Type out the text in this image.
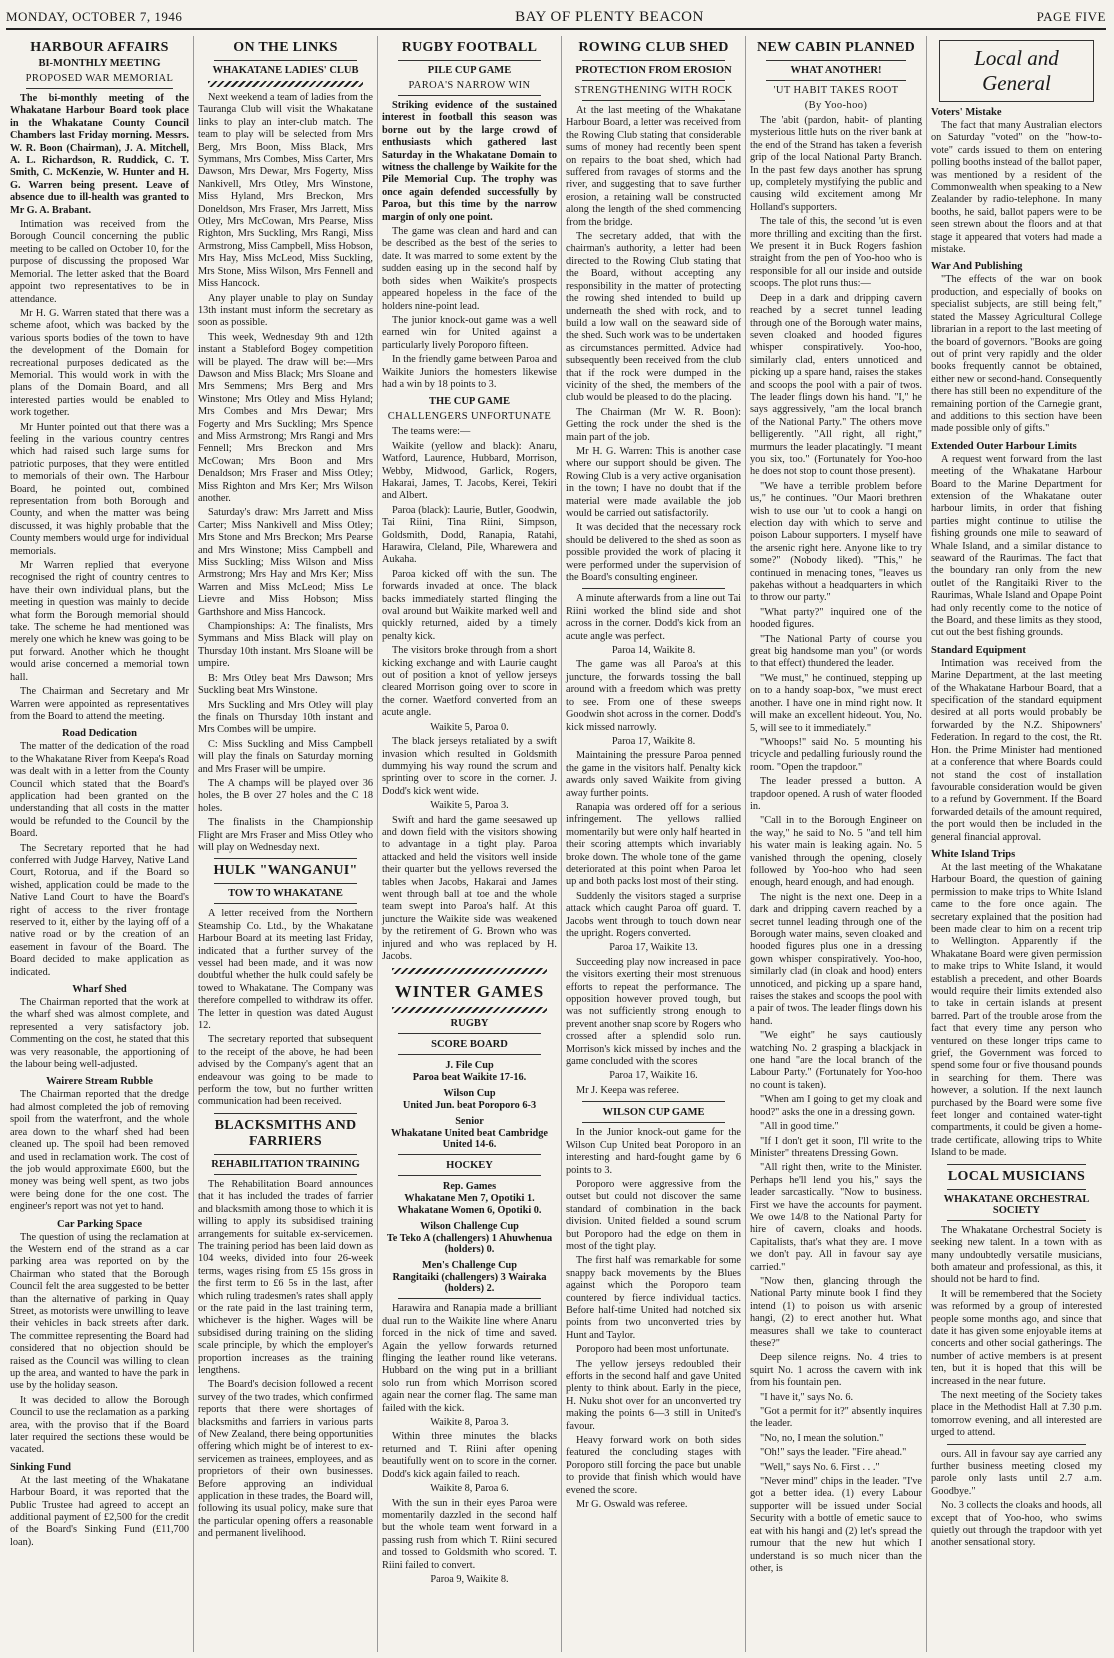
MONDAY, OCTOBER 7, 1946	BAY OF PLENTY BEACON	PAGE FIVE
HARBOUR AFFAIRS
BI-MONTHLY MEETING
PROPOSED WAR MEMORIAL

The bi-monthly meeting of the Whakatane Harbour Board took place in the Whakatane County Council Chambers last Friday morning. Messrs. W. R. Boon (Chairman), J. A. Mitchell, A. L. Richardson, R. Ruddick, C. T. Smith, C. McKenzie, W. Hunter and H. G. Warren being present. Leave of absence due to ill-health was granted to Mr G. A. Brabant.

Intimation was received from the Borough Council concerning the public meeting to be called on October 10, for the purpose of discussing the proposed War Memorial. The letter asked that the Board appoint two representatives to be in attendance.

Mr H. G. Warren stated that there was a scheme afoot, which was backed by the various sports bodies of the town to have the development of the Domain for recreational purposes dedicated as the Memorial. This would work in with the plans of the Domain Board, and all interested parties would be enabled to work together.

Mr Hunter pointed out that there was a feeling in the various country centres which had raised such large sums for patriotic purposes, that they were entitled to memorials of their own. The Harbour Board, he pointed out, combined representation from both Borough and County, and when the matter was being discussed, it was highly probable that the County members would urge for individual memorials.

Mr Warren replied that everyone recognised the right of country centres to have their own individual plans, but the meeting in question was mainly to decide what form the Borough memorial should take. The scheme he had mentioned was merely one which he knew was going to be put forward. Another which he thought would arise concerned a memorial town hall.

The Chairman and Secretary and Mr Warren were appointed as representatives from the Board to attend the meeting.

Road Dedication

The matter of the dedication of the road to the Whakatane River from Keepa's Road was dealt with in a letter from the County Council which stated that the Board's application had been granted on the understanding that all costs in the matter would be refunded to the Council by the Board.

The Secretary reported that he had conferred with Judge Harvey, Native Land Court, Rotorua, and if the Board so wished, application could be made to the Native Land Court to have the Board's right of access to the river frontage reserved to it, either by the laying off of a native road or by the creation of an easement in favour of the Board. The Board decided to make application as indicated.

Wharf Shed

The Chairman reported that the work at the wharf shed was almost complete, and represented a very satisfactory job. Commenting on the cost, he stated that this was very reasonable, the apportioning of the labour being well-adjusted.

Wairere Stream Rubble

The Chairman reported that the dredge had almost completed the job of removing spoil from the waterfront, and the whole area down to the wharf shed had been cleaned up. The spoil had been removed and used in reclamation work. The cost of the job would approximate £600, but the money was being well spent, as two jobs were being done for the one cost. The engineer's report was not yet to hand.

Car Parking Space

The question of using the reclamation at the Western end of the strand as a car parking area was reported on by the Chairman who stated that the Borough Council felt the area suggested to be better than the alternative of parking in Quay Street, as motorists were unwilling to leave their vehicles in back streets after dark. The committee representing the Board had considered that no objection should be raised as the Council was willing to clean up the area, and wanted to have the park in use by the holiday season.

It was decided to allow the Borough Council to use the reclamation as a parking area, with the proviso that if the Board later required the sections these would be vacated.

Sinking Fund

At the last meeting of the Whakatane Harbour Board, it was reported that the Public Trustee had agreed to accept an additional payment of £2,500 for the credit of the Board's Sinking Fund (£11,700 loan).

ON THE LINKS
WHAKATANE LADIES' CLUB

Next weekend a team of ladies from the Tauranga Club will visit the Whakatane links to play an inter-club match. The team to play will be selected from Mrs Berg, Mrs Boon, Miss Black, Mrs Symmans, Mrs Combes, Miss Carter, Mrs Dawson, Mrs Dewar, Mrs Fogerty, Miss Nankivell, Mrs Otley, Mrs Winstone, Miss Hyland, Mrs Breckon, Mrs Doneldson, Mrs Fraser, Mrs Jarrett, Miss Otley, Mrs McCowan, Mrs Pearse, Miss Righton, Mrs Suckling, Mrs Rangi, Miss Armstrong, Miss Campbell, Miss Hobson, Mrs Hay, Miss McLeod, Miss Suckling, Mrs Stone, Miss Wilson, Mrs Fennell and Miss Hancock.

Any player unable to play on Sunday 13th instant must inform the secretary as soon as possible.

This week, Wednesday 9th and 12th instant a Stableford Bogey competition will be played. The draw will be:—Mrs Dawson and Miss Black; Mrs Sloane and Mrs Semmens; Mrs Berg and Mrs Winstone; Mrs Otley and Miss Hyland; Mrs Combes and Mrs Dewar; Mrs Fogerty and Mrs Suckling; Mrs Spence and Miss Armstrong; Mrs Rangi and Mrs Fennell; Mrs Breckon and Mrs McCowan; Mrs Boon and Mrs Denaldson; Mrs Fraser and Miss Otley; Miss Righton and Mrs Ker; Mrs Wilson another.

Saturday's draw: Mrs Jarrett and Miss Carter; Miss Nankivell and Miss Otley; Mrs Stone and Mrs Breckon; Mrs Pearse and Mrs Winstone; Miss Campbell and Miss Suckling; Miss Wilson and Miss Armstrong; Mrs Hay and Mrs Ker; Miss Warren and Miss McLeod; Miss Le Lievre and Miss Hobson; Miss Garthshore and Miss Hancock.

Championships: A: The finalists, Mrs Symmans and Miss Black will play on Thursday 10th instant. Mrs Sloane will be umpire.

B: Mrs Otley beat Mrs Dawson; Mrs Suckling beat Mrs Winstone.

Mrs Suckling and Mrs Otley will play the finals on Thursday 10th instant and Mrs Combes will be umpire.

C: Miss Suckling and Miss Campbell will play the finals on Saturday morning and Mrs Fraser will be umpire.

The A champs will be played over 36 holes, the B over 27 holes and the C 18 holes.

The finalists in the Championship Flight are Mrs Fraser and Miss Otley who will play on Wednesday next.

HULK "WANGANUI"
TOW TO WHAKATANE

A letter received from the Northern Steamship Co. Ltd., by the Whakatane Harbour Board at its meeting last Friday, indicated that a further survey of the vessel had been made, and it was now doubtful whether the hulk could safely be towed to Whakatane. The Company was therefore compelled to withdraw its offer. The letter in question was dated August 12.

The secretary reported that subsequent to the receipt of the above, he had been advised by the Company's agent that an endeavour was going to be made to perform the tow, but no further written communication had been received.

BLACKSMITHS AND FARRIERS
REHABILITATION TRAINING

The Rehabilitation Board announces that it has included the trades of farrier and blacksmith among those to which it is willing to apply its subsidised training arrangements for suitable ex-servicemen. The training period has been laid down as 104 weeks, divided into four 26-week terms, wages rising from £5 15s gross in the first term to £6 5s in the last, after which ruling tradesmen's rates shall apply or the rate paid in the last training term, whichever is the higher. Wages will be subsidised during training on the sliding scale principle, by which the employer's proportion increases as the training lengthens.

The Board's decision followed a recent survey of the two trades, which confirmed reports that there were shortages of blacksmiths and farriers in various parts of New Zealand, there being opportunities offering which might be of interest to ex-servicemen as trainees, employees, and as proprietors of their own businesses. Before approving an individual application in these trades, the Board will, following its usual policy, make sure that the particular opening offers a reasonable and permanent livelihood.

RUGBY FOOTBALL
PILE CUP GAME
PAROA'S NARROW WIN

Striking evidence of the sustained interest in football this season was borne out by the large crowd of enthusiasts which gathered last Saturday in the Whakatane Domain to witness the challenge by Waikite for the Pile Memorial Cup. The trophy was once again defended successfully by Paroa, but this time by the narrow margin of only one point.

The game was clean and hard and can be described as the best of the series to date. It was marred to some extent by the sudden easing up in the second half by both sides when Waikite's prospects appeared hopeless in the face of the holders nine-point lead.

The junior knock-out game was a well earned win for United against a particularly lively Poroporo fifteen.

In the friendly game between Paroa and Waikite Juniors the homesters likewise had a win by 18 points to 3.

THE CUP GAME
CHALLENGERS UNFORTUNATE

The teams were:—

Waikite (yellow and black): Anaru, Watford, Laurence, Hubbard, Morrison, Webby, Midwood, Garlick, Rogers, Hakarai, James, T. Jacobs, Kerei, Tekiri and Albert.

Paroa (black): Laurie, Butler, Goodwin, Tai Riini, Tina Riini, Simpson, Goldsmith, Dodd, Ranapia, Ratahi, Harawira, Cleland, Pile, Wharewera and Aukaha.

Paroa kicked off with the sun. The forwards invaded at once. The black backs immediately started flinging the oval around but Waikite marked well and quickly returned, aided by a timely penalty kick.

The visitors broke through from a short kicking exchange and with Laurie caught out of position a knot of yellow jerseys cleared Morrison going over to score in the corner. Waetford converted from an acute angle.

Waikite 5, Paroa 0.

The black jerseys retaliated by a swift invasion which resulted in Goldsmith dummying his way round the scrum and sprinting over to score in the corner. J. Dodd's kick went wide.

Waikite 5, Paroa 3.

Swift and hard the game seesawed up and down field with the visitors showing to advantage in a tight play. Paroa attacked and held the visitors well inside their quarter but the yellows reversed the tables when Jacobs, Hakarai and James went through ball at toe and the whole team swept into Paroa's half. At this juncture the Waikite side was weakened by the retirement of G. Brown who was injured and who was replaced by H. Jacobs.

WINTER GAMES
RUGBY
SCORE BOARD
J. File Cup
Paroa beat Waikite 17-16.
Wilson Cup
United Jun. beat Poroporo 6-3
Senior
Whakatane United beat Cambridge United 14-6.
HOCKEY
Rep. Games
Whakatane Men 7, Opotiki 1.
Whakatane Women 6, Opotiki 0.
Wilson Challenge Cup
Te Teko A (challengers) 1 Ahuwhenua (holders) 0.
Men's Challenge Cup
Rangitaiki (challengers) 3 Wairaka (holders) 2.

Harawira and Ranapia made a brilliant dual run to the Waikite line where Anaru forced in the nick of time and saved. Again the yellow forwards returned flinging the leather round like veterans. Hubbard on the wing put in a brilliant solo run from which Morrison scored again near the corner flag. The same man failed with the kick.

Waikite 8, Paroa 3.

Within three minutes the blacks returned and T. Riini after opening beautifully went on to score in the corner. Dodd's kick again failed to reach.

Waikite 8, Paroa 6.

With the sun in their eyes Paroa were momentarily dazzled in the second half but the whole team went forward in a passing rush from which T. Riini secured and tossed to Goldsmith who scored. T. Riini failed to convert.

Paroa 9, Waikite 8.

ROWING CLUB SHED
PROTECTION FROM EROSION
STRENGTHENING WITH ROCK

At the last meeting of the Whakatane Harbour Board, a letter was received from the Rowing Club stating that considerable sums of money had recently been spent on repairs to the boat shed, which had suffered from ravages of storms and the river, and suggesting that to save further erosion, a retaining wall be constructed along the length of the shed commencing from the bridge.

The secretary added, that with the chairman's authority, a letter had been directed to the Rowing Club stating that the Board, without accepting any responsibility in the matter of protecting the rowing shed intended to build up underneath the shed with rock, and to build a low wall on the seaward side of the shed. Such work was to be undertaken as circumstances permitted. Advice had subsequently been received from the club that if the rock were dumped in the vicinity of the shed, the members of the club would be pleased to do the placing.

The Chairman (Mr W. R. Boon): Getting the rock under the shed is the main part of the job.

Mr H. G. Warren: This is another case where our support should be given. The Rowing Club is a very active organisation in the town; I have no doubt that if the material were made available the job would be carried out satisfactorily.

It was decided that the necessary rock should be delivered to the shed as soon as possible provided the work of placing it were performed under the supervision of the Board's consulting engineer.

A minute afterwards from a line out Tai Riini worked the blind side and shot across in the corner. Dodd's kick from an acute angle was perfect.

Paroa 14, Waikite 8.

The game was all Paroa's at this juncture, the forwards tossing the ball around with a freedom which was pretty to see. From one of these sweeps Goodwin shot across in the corner. Dodd's kick missed narrowly.

Paroa 17, Waikite 8.

Maintaining the pressure Paroa penned the game in the visitors half. Penalty kick awards only saved Waikite from giving away further points.

Ranapia was ordered off for a serious infringement. The yellows rallied momentarily but were only half hearted in their scoring attempts which invariably broke down. The whole tone of the game deteriorated at this point when Paroa let up and both packs lost most of their sting.

Suddenly the visitors staged a surprise attack which caught Paroa off guard. T. Jacobs went through to touch down near the upright. Rogers converted.

Paroa 17, Waikite 13.

Succeeding play now increased in pace the visitors exerting their most strenuous efforts to repeat the performance. The opposition however proved tough, but was not sufficiently strong enough to prevent another snap score by Rogers who crossed after a splendid solo run. Morrison's kick missed by inches and the game concluded with the scores

Paroa 17, Waikite 16.

Mr J. Keepa was referee.

WILSON CUP GAME

In the Junior knock-out game for the Wilson Cup United beat Poroporo in an interesting and hard-fought game by 6 points to 3.

Poroporo were aggressive from the outset but could not discover the same standard of combination in the back division. United fielded a sound scrum but Poroporo had the edge on them in most of the tight play.

The first half was remarkable for some snappy back movements by the Blues against which the Poroporo team countered by fierce individual tactics. Before half-time United had notched six points from two unconverted tries by Hunt and Taylor.

Poroporo had been most unfortunate.

The yellow jerseys redoubled their efforts in the second half and gave United plenty to think about. Early in the piece, H. Nuku shot over for an unconverted try making the points 6—3 still in United's favour.

Heavy forward work on both sides featured the concluding stages with Poroporo still forcing the pace but unable to provide that finish which would have evened the score.

Mr G. Oswald was referee.

NEW CABIN PLANNED
WHAT ANOTHER!
'UT HABIT TAKES ROOT
(By Yoo-hoo)

The 'abit (pardon, habit- of planting mysterious little huts on the river bank at the end of the Strand has taken a feverish grip of the local National Party Branch. In the past few days another has sprung up, completely mystifying the public and causing wild excitement among Mr Holland's supporters.

The tale of this, the second 'ut is even more thrilling and exciting than the first. We present it in Buck Rogers fashion straight from the pen of Yoo-hoo who is responsible for all our inside and outside scoops. The plot runs thus:—

Deep in a dark and dripping cavern reached by a secret tunnel leading through one of the Borough water mains, seven cloaked and hooded figures whisper conspiratively. Yoo-hoo, similarly clad, enters unnoticed and picking up a spare hand, raises the stakes and scoops the pool with a pair of twos. The leader flings down his hand. "I," he says aggressively, "am the local branch of the National Party." The others move belligerently. "All right, all right," murmurs the leader placatingly. "I meant you six, too." (Fortunately for Yoo-hoo he does not stop to count those present).

"We have a terrible problem before us," he continues. "Our Maori brethren wish to use our 'ut to cook a hangi on election day with which to serve and poison Labour supporters. I myself have the arsenic right here. Anyone like to try some?" (Nobody liked). "This," he continued in menacing tones, "leaves us pakehas without a headquarters in which to throw our party."

"What party?" inquired one of the hooded figures.

"The National Party of course you great big handsome man you" (or words to that effect) thundered the leader.

"We must," he continued, stepping up on to a handy soap-box, "we must erect another. I have one in mind right now. It will make an excellent hideout. You, No. 5, will see to it immediately."

"Whoops!" said No. 5 mounting his tricycle and pedalling furiously round the room. "Open the trapdoor."

The leader pressed a button. A trapdoor opened. A rush of water flooded in.

"Call in to the Borough Engineer on the way," he said to No. 5 "and tell him his water main is leaking again. No. 5 vanished through the opening, closely followed by Yoo-hoo who had seen enough, heard enough, and had enough.

The night is the next one. Deep in a dark and dripping cavern reached by a secret tunnel leading through one of the Borough water mains, seven cloaked and hooded figures plus one in a dressing gown whisper conspiratively. Yoo-hoo, similarly clad (in cloak and hood) enters unnoticed, and picking up a spare hand, raises the stakes and scoops the pool with a pair of twos. The leader flings down his hand.

"We eight" he says cautiously watching No. 2 grasping a blackjack in one hand "are the local branch of the Labour Party." (Fortunately for Yoo-hoo no count is taken).

"When am I going to get my cloak and hood?" asks the one in a dressing gown.

"All in good time."

"If I don't get it soon, I'll write to the Minister" threatens Dressing Gown.

"All right then, write to the Minister. Perhaps he'll lend you his," says the leader sarcastically. "Now to business. First we have the accounts for payment. We owe 14/8 to the National Party for hire of cavern, cloaks and hoods. Capitalists, that's what they are. I move we don't pay. All in favour say aye carried."

"Now then, glancing through the National Party minute book I find they intend (1) to poison us with arsenic hangi, (2) to erect another hut. What measures shall we take to counteract these?"

Deep silence reigns. No. 4 tries to squirt No. 1 across the cavern with ink from his fountain pen.

"I have it," says No. 6.

"Got a permit for it?" absently inquires the leader.

"No, no, I mean the solution."

"Oh!" says the leader. "Fire ahead."

"Well," says No. 6. First . . ."

"Never mind" chips in the leader. "I've got a better idea. (1) every Labour supporter will be issued under Social Security with a bottle of emetic sauce to eat with his hangi and (2) let's spread the rumour that the new hut which I understand is so much nicer than the other, is

Local and General
Voters' Mistake

The fact that many Australian electors on Saturday "voted" on the "how-to-vote" cards issued to them on entering polling booths instead of the ballot paper, was mentioned by a resident of the Commonwealth when speaking to a New Zealander by radio-telephone. In many booths, he said, ballot papers were to be seen strewn about the floors and at that stage it appeared that voters had made a mistake.

War And Publishing

"The effects of the war on book production, and especially of books on specialist subjects, are still being felt," stated the Massey Agricultural College librarian in a report to the last meeting of the board of governors. "Books are going out of print very rapidly and the older books frequently cannot be obtained, either new or second-hand. Consequently there has still been no expenditure of the remaining portion of the Carnegie grant, and additions to this section have been made possible only of gifts."

Extended Outer Harbour Limits

A request went forward from the last meeting of the Whakatane Harbour Board to the Marine Department for extension of the Whakatane outer harbour limits, in order that fishing parties might continue to utilise the fishing grounds one mile to seaward of Whale Island, and a similar distance to seaward of the Raurimas. The fact that the boundary ran only from the new outlet of the Rangitaiki River to the Raurimas, Whale Island and Opape Point had only recently come to the notice of the Board, and these limits as they stood, cut out the best fishing grounds.

Standard Equipment

Intimation was received from the Marine Department, at the last meeting of the Whakatane Harbour Board, that a specification of the standard equipment desired at all ports would probably be forwarded by the N.Z. Shipowners' Federation. In regard to the cost, the Rt. Hon. the Prime Minister had mentioned at a conference that where Boards could not stand the cost of installation favourable consideration would be given to a refund by Government. If the Board forwarded details of the amount required, the port would then be included in the general financial approval.

White Island Trips

At the last meeting of the Whakatane Harbour Board, the question of gaining permission to make trips to White Island came to the fore once again. The secretary explained that the position had been made clear to him on a recent trip to Wellington. Apparently if the Whakatane Board were given permission to make trips to White Island, it would establish a precedent, and other Boards would require their limits extended also to take in certain islands at present barred. Part of the trouble arose from the fact that every time any person who ventured on these longer trips came to grief, the Government was forced to spend some four or five thousand pounds in searching for them. There was however, a solution. If the next launch purchased by the Board were some five feet longer and contained water-tight compartments, it could be given a home-trade certificate, allowing trips to White Island to be made.

LOCAL MUSICIANS
WHAKATANE ORCHESTRAL SOCIETY

The Whakatane Orchestral Society is seeking new talent. In a town with as many undoubtedly versatile musicians, both amateur and professional, as this, it should not be hard to find.

It will be remembered that the Society was reformed by a group of interested people some months ago, and since that date it has given some enjoyable items at concerts and other social gatherings. The number of active members is at present ten, but it is hoped that this will be increased in the near future.

The next meeting of the Society takes place in the Methodist Hall at 7.30 p.m. tomorrow evening, and all interested are urged to attend.

ours. All in favour say aye carried any further business meeting closed my parole only lasts until 2.7 a.m. Goodbye."

No. 3 collects the cloaks and hoods, all except that of Yoo-hoo, who swims quietly out through the trapdoor with yet another sensational story.
